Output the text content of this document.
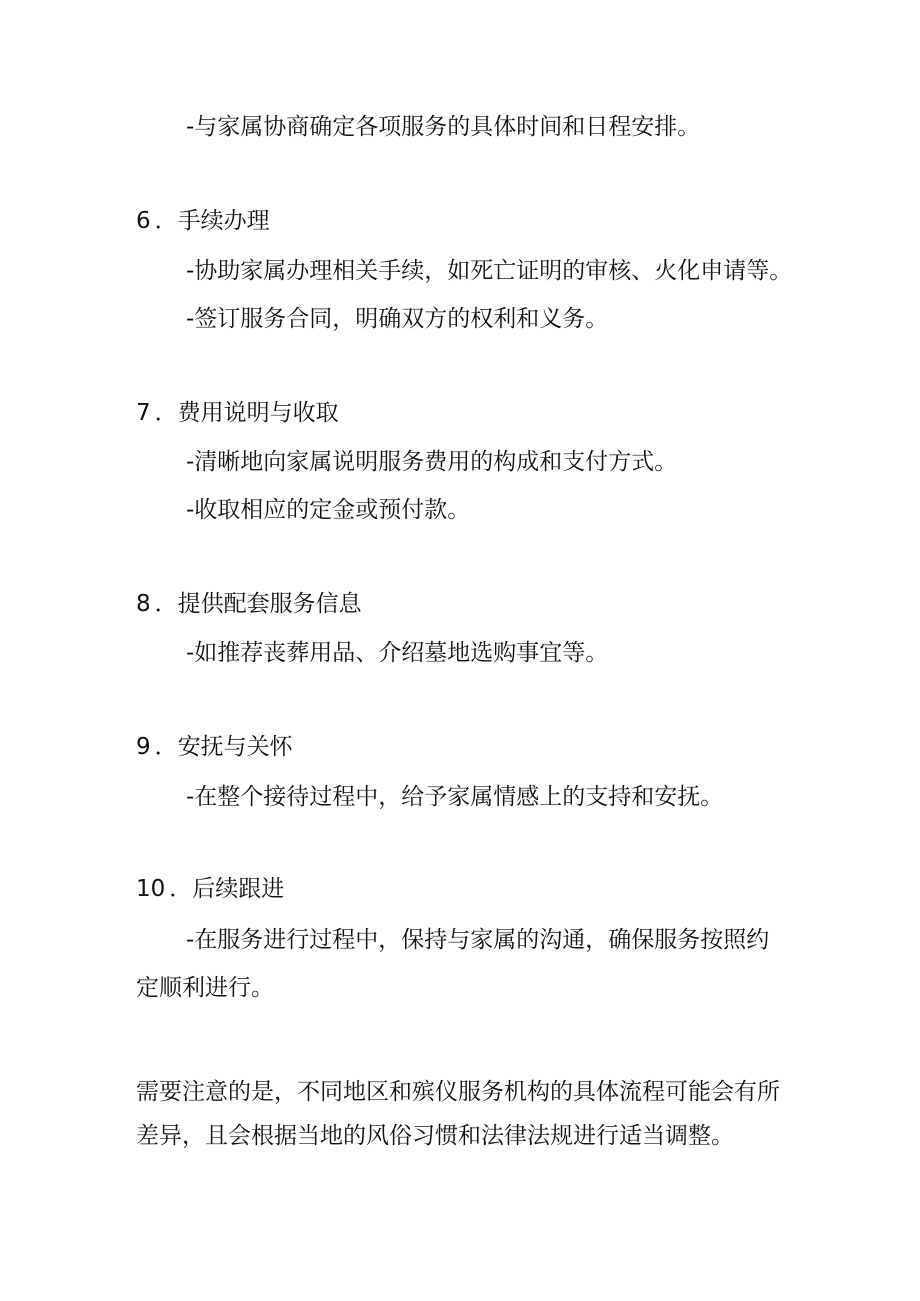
-与家属协商确定各项服务的具体时间和日程安排。
6 ．手续办理
-协助家属办理相关手续，如死亡证明的审核、火化申请等。
-签订服务合同，明确双方的权利和义务。
7 ．费用说明与收取
-清晰地向家属说明服务费用的构成和支付方式。
-收取相应的定金或预付款。
8 ．提供配套服务信息
-如推荐丧葬用品、介绍墓地选购事宜等。
9 ．安抚与关怀
-在整个接待过程中，给予家属情感上的支持和安抚。
10 ．后续跟进
-在服务进行过程中，保持与家属的沟通，确保服务按照约
定顺利进行。
需要注意的是，不同地区和殡仪服务机构的具体流程可能会有所
差异，且会根据当地的风俗习惯和法律法规进行适当调整。
